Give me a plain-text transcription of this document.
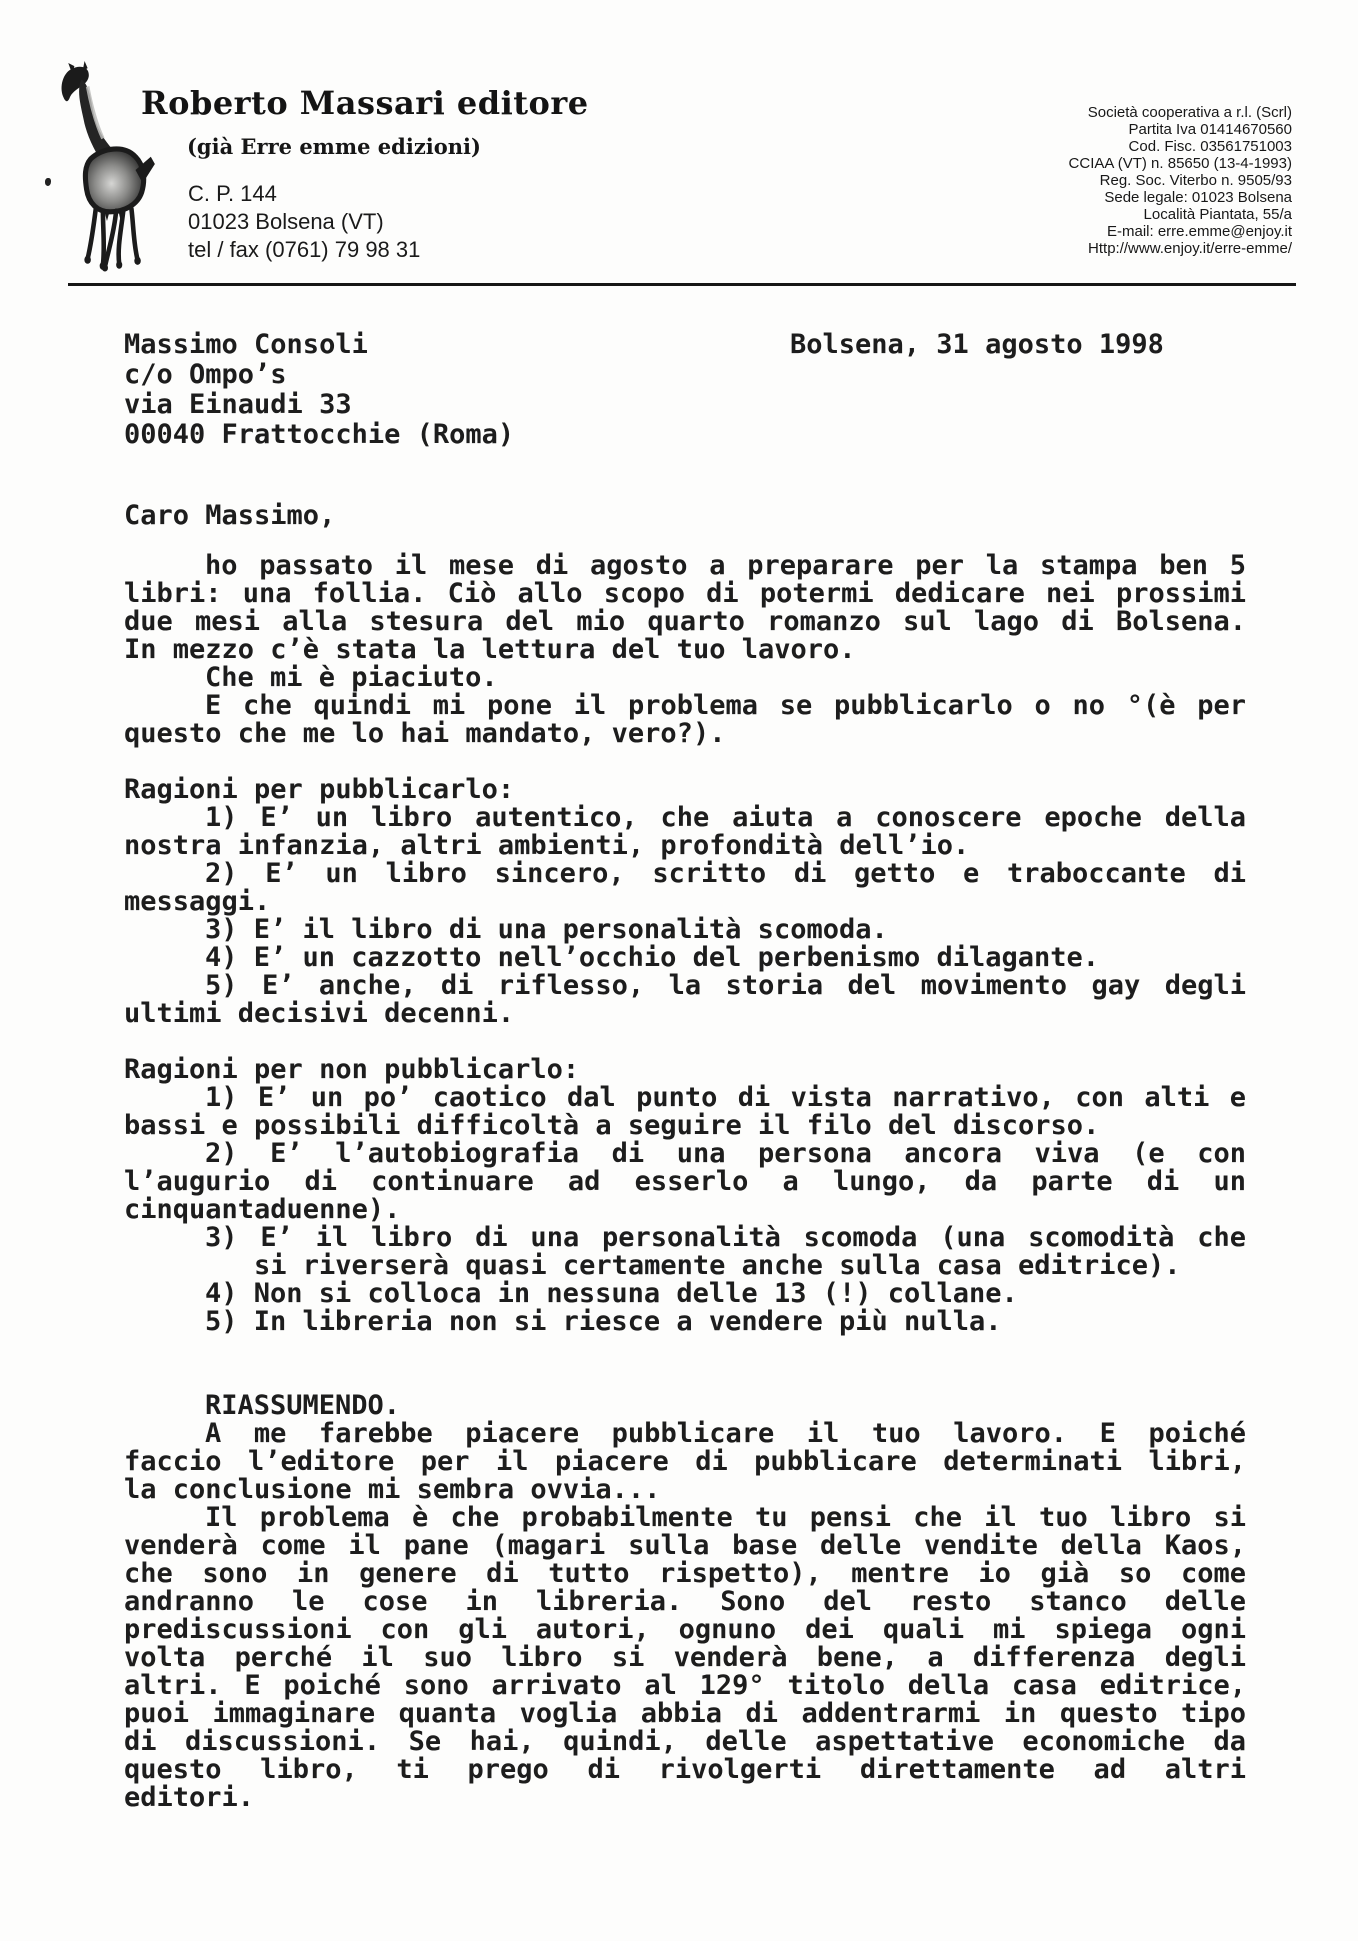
Roberto Massari editore
(già Erre emme edizioni)
C. P. 144
01023 Bolsena (VT)
tel / fax (0761) 79 98 31
Società cooperativa a r.l. (Scrl)
Partita Iva 01414670560
Cod. Fisc. 03561751003
CCIAA (VT) n. 85650 (13-4-1993)
Reg. Soc. Viterbo n. 9505/93
Sede legale: 01023 Bolsena
Località Piantata, 55/a
E-mail: erre.emme@enjoy.it
Http://www.enjoy.it/erre-emme/
Massimo Consoli
c/o Ompo’s
via Einaudi 33
00040 Frattocchie (Roma)
Bolsena, 31 agosto 1998
Caro Massimo,
ho passato il mese di agosto a preparare per la stampa ben 5
libri: una follia. Ciò allo scopo di potermi dedicare nei prossimi
due mesi alla stesura del mio quarto romanzo sul lago di Bolsena.
In mezzo c’è stata la lettura del tuo lavoro.
Che mi è piaciuto.
E che quindi mi pone il problema se pubblicarlo o no °(è per
questo che me lo hai mandato, vero?).
Ragioni per pubblicarlo:
1) E’ un libro autentico, che aiuta a conoscere epoche della
nostra infanzia, altri ambienti, profondità dell’io.
2) E’ un libro sincero, scritto di getto e traboccante di
messaggi.
3) E’ il libro di una personalità scomoda.
4) E’ un cazzotto nell’occhio del perbenismo dilagante.
5) E’ anche, di riflesso, la storia del movimento gay degli
ultimi decisivi decenni.
Ragioni per non pubblicarlo:
1) E’ un po’ caotico dal punto di vista narrativo, con alti e
bassi e possibili difficoltà a seguire il filo del discorso.
2) E’ l’autobiografia di una persona ancora viva (e con
l’augurio di continuare ad esserlo a lungo, da parte di un
cinquantaduenne).
3) E’ il libro di una personalità scomoda (una scomodità che
si riverserà quasi certamente anche sulla casa editrice).
4) Non si colloca in nessuna delle 13 (!) collane.
5) In libreria non si riesce a vendere più nulla.
RIASSUMENDO.
A me farebbe piacere pubblicare il tuo lavoro. E poiché
faccio l’editore per il piacere di pubblicare determinati libri,
la conclusione mi sembra ovvia...
Il problema è che probabilmente tu pensi che il tuo libro si
venderà come il pane (magari sulla base delle vendite della Kaos,
che sono in genere di tutto rispetto), mentre io già so come
andranno le cose in libreria. Sono del resto stanco delle
prediscussioni con gli autori, ognuno dei quali mi spiega ogni
volta perché il suo libro si venderà bene, a differenza degli
altri. E poiché sono arrivato al 129° titolo della casa editrice,
puoi immaginare quanta voglia abbia di addentrarmi in questo tipo
di discussioni. Se hai, quindi, delle aspettative economiche da
questo libro, ti prego di rivolgerti direttamente ad altri
editori.
